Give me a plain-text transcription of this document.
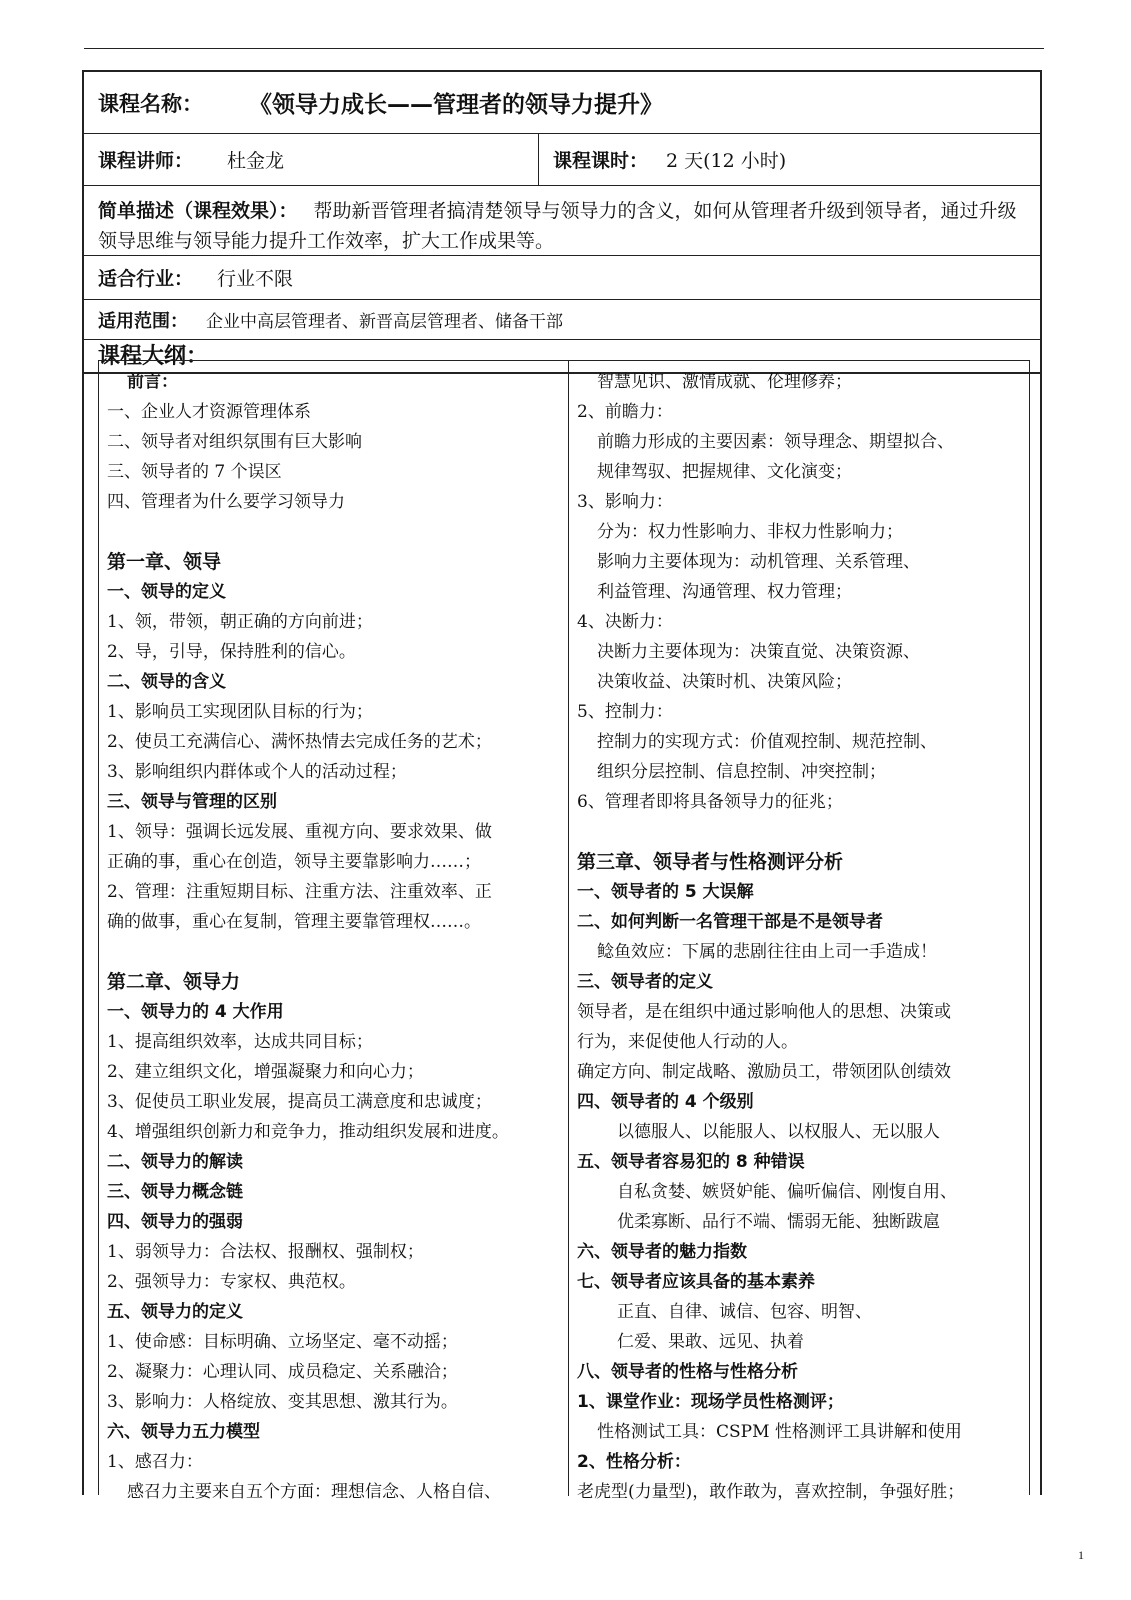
课程名称： 《领导力成长——管理者的领导力提升》
课程讲师： 杜金龙	课程课时： 2 天(12 小时)
简单描述（课程效果）： 帮助新晋管理者搞清楚领导与领导力的含义，如何从管理者升级到领导者，通过升级领导思维与领导能力提升工作效率，扩大工作成果等。
适合行业： 行业不限
适用范围： 企业中高层管理者、新晋高层管理者、储备干部
课程大纲：
前言：
一、企业人才资源管理体系
二、领导者对组织氛围有巨大影响
三、领导者的 7 个误区
四、管理者为什么要学习领导力
第一章、领导
一、领导的定义
1、领，带领，朝正确的方向前进；
2、导，引导，保持胜利的信心。
二、领导的含义
1、影响员工实现团队目标的行为；
2、使员工充满信心、满怀热情去完成任务的艺术；
3、影响组织内群体或个人的活动过程；
三、领导与管理的区别
1、领导：强调长远发展、重视方向、要求效果、做
正确的事，重心在创造，领导主要靠影响力……；
2、管理：注重短期目标、注重方法、注重效率、正
确的做事，重心在复制，管理主要靠管理权……。
第二章、领导力
一、领导力的 4 大作用
1、提高组织效率，达成共同目标；
2、建立组织文化，增强凝聚力和向心力；
3、促使员工职业发展，提高员工满意度和忠诚度；
4、增强组织创新力和竞争力，推动组织发展和进度。
二、领导力的解读
三、领导力概念链
四、领导力的强弱
1、弱领导力：合法权、报酬权、强制权；
2、强领导力：专家权、典范权。
五、领导力的定义
1、使命感：目标明确、立场坚定、毫不动摇；
2、凝聚力：心理认同、成员稳定、关系融洽；
3、影响力：人格绽放、变其思想、激其行为。
六、领导力五力模型
1、感召力：
感召力主要来自五个方面：理想信念、人格自信、
智慧见识、激情成就、伦理修养；
2、前瞻力：
前瞻力形成的主要因素：领导理念、期望拟合、
规律驾驭、把握规律、文化演变；
3、影响力：
分为：权力性影响力、非权力性影响力；
影响力主要体现为：动机管理、关系管理、
利益管理、沟通管理、权力管理；
4、决断力：
决断力主要体现为：决策直觉、决策资源、
决策收益、决策时机、决策风险；
5、控制力：
控制力的实现方式：价值观控制、规范控制、
组织分层控制、信息控制、冲突控制；
6、管理者即将具备领导力的征兆；
第三章、领导者与性格测评分析
一、领导者的 5 大误解
二、如何判断一名管理干部是不是领导者
鲶鱼效应：下属的悲剧往往由上司一手造成！
三、领导者的定义
领导者，是在组织中通过影响他人的思想、决策或
行为，来促使他人行动的人。
确定方向、制定战略、激励员工，带领团队创绩效
四、领导者的 4 个级别
以德服人、以能服人、以权服人、无以服人
五、领导者容易犯的 8 种错误
自私贪婪、嫉贤妒能、偏听偏信、刚愎自用、
优柔寡断、品行不端、懦弱无能、独断跋扈
六、领导者的魅力指数
七、领导者应该具备的基本素养
正直、自律、诚信、包容、明智、
仁爱、果敢、远见、执着
八、领导者的性格与性格分析
1、课堂作业：现场学员性格测评；
性格测试工具：CSPM 性格测评工具讲解和使用
2、性格分析：
老虎型(力量型)，敢作敢为，喜欢控制，争强好胜；
1
